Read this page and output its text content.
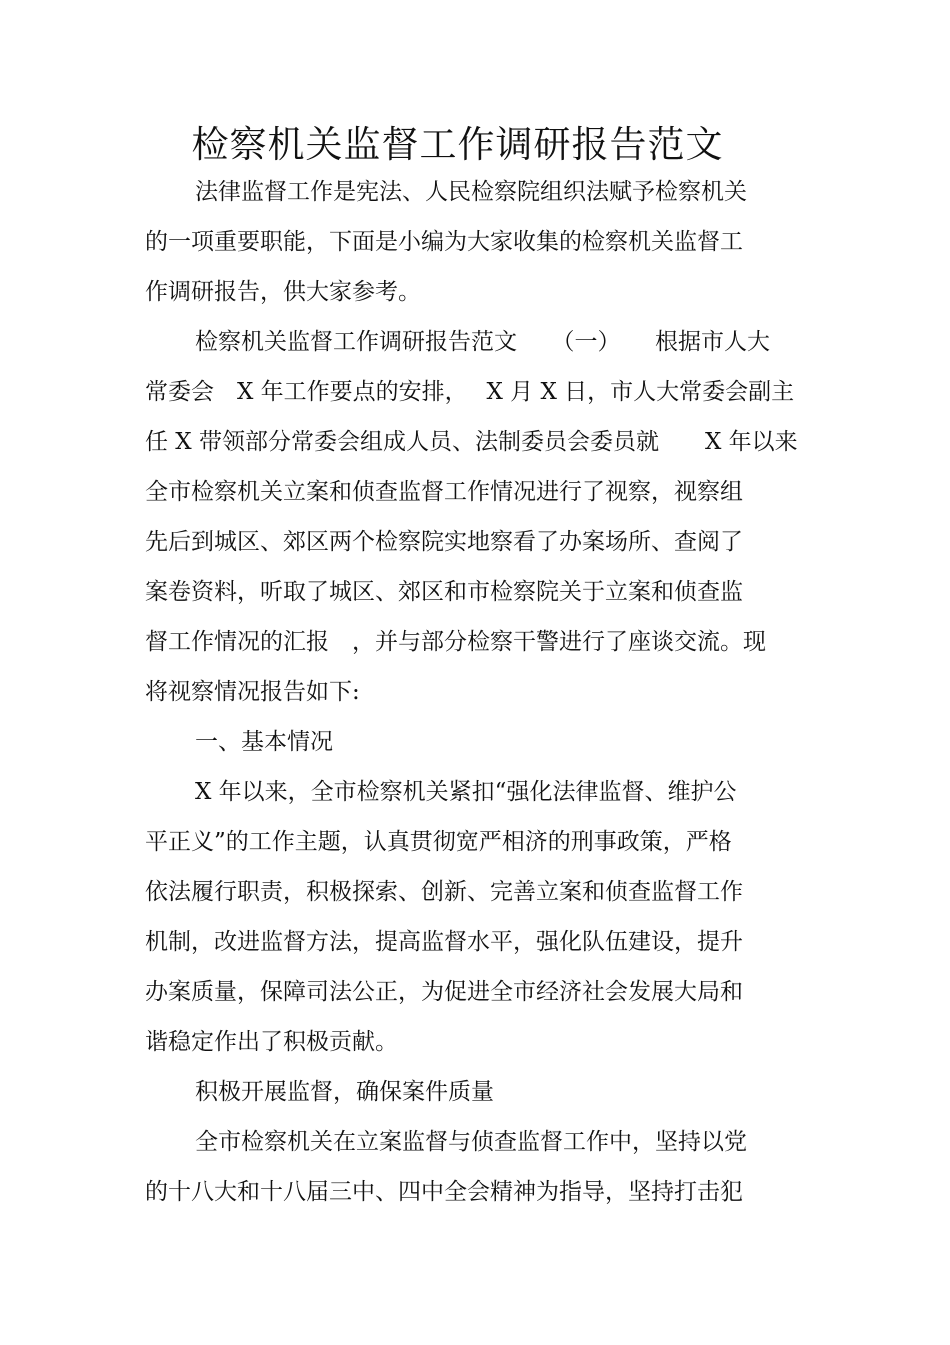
检察机关监督工作调研报告范文
法律监督工作是宪法、人民检察院组织法赋予检察机关
的一项重要职能，下面是小编为大家收集的检察机关监督工
作调研报告，供大家参考。
检察机关监督工作调研报告范文　　（一）　　根据市人大
常委会　X 年工作要点的安排，　 X 月 X 日，市人大常委会副主
任 X 带领部分常委会组成人员、法制委员会委员就　　X 年以来
全市检察机关立案和侦查监督工作情况进行了视察，视察组
先后到城区、郊区两个检察院实地察看了办案场所、查阅了
案卷资料，听取了城区、郊区和市检察院关于立案和侦查监
督工作情况的汇报　，并与部分检察干警进行了座谈交流。现
将视察情况报告如下:
一、基本情况
X 年以来，全市检察机关紧扣“强化法律监督、维护公
平正义”的工作主题，认真贯彻宽严相济的刑事政策，严格
依法履行职责，积极探索、创新、完善立案和侦查监督工作
机制，改进监督方法，提高监督水平，强化队伍建设，提升
办案质量，保障司法公正，为促进全市经济社会发展大局和
谐稳定作出了积极贡献。
积极开展监督，确保案件质量
全市检察机关在立案监督与侦查监督工作中，坚持以党
的十八大和十八届三中、四中全会精神为指导，坚持打击犯
